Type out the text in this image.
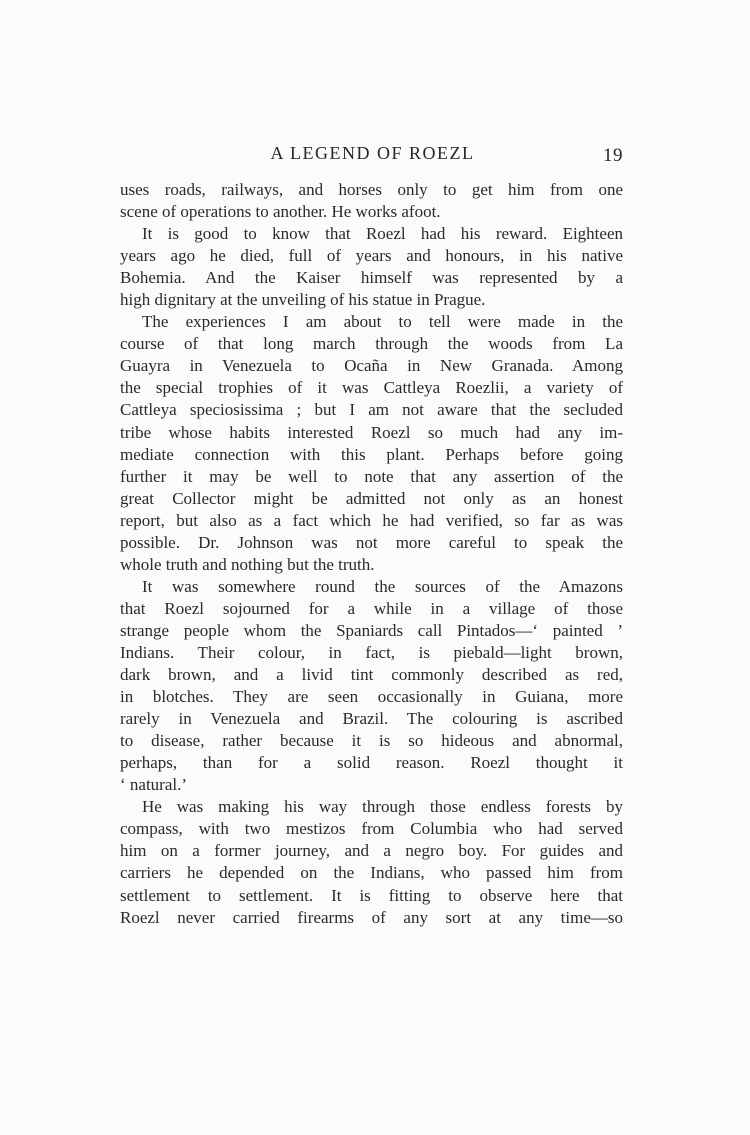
A LEGEND OF ROEZL	19
uses roads, railways, and horses only to get him from one
scene of operations to another. He works afoot.
It is good to know that Roezl had his reward. Eighteen
years ago he died, full of years and honours, in his native
Bohemia. And the Kaiser himself was represented by a
high dignitary at the unveiling of his statue in Prague.
The experiences I am about to tell were made in the
course of that long march through the woods from La
Guayra in Venezuela to Ocaña in New Granada. Among
the special trophies of it was Cattleya Roezlii, a variety of
Cattleya speciosissima ; but I am not aware that the secluded
tribe whose habits interested Roezl so much had any im-
mediate connection with this plant. Perhaps before going
further it may be well to note that any assertion of the
great Collector might be admitted not only as an honest
report, but also as a fact which he had verified, so far as was
possible. Dr. Johnson was not more careful to speak the
whole truth and nothing but the truth.
It was somewhere round the sources of the Amazons
that Roezl sojourned for a while in a village of those
strange people whom the Spaniards call Pintados—‘ painted ’
Indians. Their colour, in fact, is piebald—light brown,
dark brown, and a livid tint commonly described as red,
in blotches. They are seen occasionally in Guiana, more
rarely in Venezuela and Brazil. The colouring is ascribed
to disease, rather because it is so hideous and abnormal,
perhaps, than for a solid reason. Roezl thought it
‘ natural.’
He was making his way through those endless forests by
compass, with two mestizos from Columbia who had served
him on a former journey, and a negro boy. For guides and
carriers he depended on the Indians, who passed him from
settlement to settlement. It is fitting to observe here that
Roezl never carried firearms of any sort at any time—so
